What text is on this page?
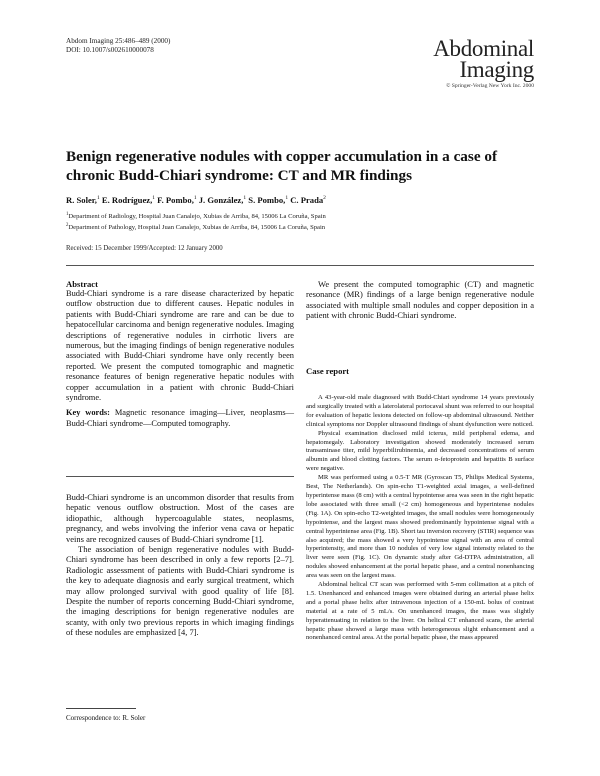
Abdom Imaging 25:486–489 (2000)
DOI: 10.1007/s002610000078	Abdominal
Imaging
© Springer-Verlag New York Inc. 2000
Benign regenerative nodules with copper accumulation in a case of chronic Budd-Chiari syndrome: CT and MR findings
R. Soler,$^1$ E. Rodríguez,$^1$ F. Pombo,$^1$ J. González,$^1$ S. Pombo,$^1$ C. Prada$^2$
$^1$Department of Radiology, Hospital Juan Canalejo, Xubias de Arriba, 84, 15006 La Coruña, Spain
$^2$Department of Pathology, Hospital Juan Canalejo, Xubias de Arriba, 84, 15006 La Coruña, Spain
Received: 15 December 1999/Accepted: 12 January 2000
Abstract
Budd-Chiari syndrome is a rare disease characterized by hepatic outflow obstruction due to different causes. Hepatic nodules in patients with Budd-Chiari syndrome are rare and can be due to hepatocellular carcinoma and benign regenerative nodules. Imaging descriptions of regenerative nodules in cirrhotic livers are numerous, but the imaging findings of benign regenerative nodules associated with Budd-Chiari syndrome have only recently been reported. We present the computed tomographic and magnetic resonance features of benign regenerative hepatic nodules with copper accumulation in a patient with chronic Budd-Chiari syndrome.
Key words: Magnetic resonance imaging—Liver, neoplasms—Budd-Chiari syndrome—Computed tomography.
Budd-Chiari syndrome is an uncommon disorder that results from hepatic venous outflow obstruction. Most of the cases are idiopathic, although hypercoagulable states, neoplasms, pregnancy, and webs involving the inferior vena cava or hepatic veins are recognized causes of Budd-Chiari syndrome [1].
The association of benign regenerative nodules with Budd-Chiari syndrome has been described in only a few reports [2–7]. Radiologic assessment of patients with Budd-Chiari syndrome is the key to adequate diagnosis and early surgical treatment, which may allow prolonged survival with good quality of life [8]. Despite the number of reports concerning Budd-Chiari syndrome, the imaging descriptions for benign regenerative nodules are scanty, with only two previous reports in which imaging findings of these nodules are emphasized [4, 7].
Correspondence to: R. Soler
We present the computed tomographic (CT) and magnetic resonance (MR) findings of a large benign regenerative nodule associated with multiple small nodules and copper deposition in a patient with chronic Budd-Chiari syndrome.
Case report
A 43-year-old male diagnosed with Budd-Chiari syndrome 14 years previously and surgically treated with a laterolateral portocaval shunt was referred to our hospital for evaluation of hepatic lesions detected on follow-up abdominal ultrasound. Neither clinical symptoms nor Doppler ultrasound findings of shunt dysfunction were noticed.
Physical examination disclosed mild icterus, mild peripheral edema, and hepatomegaly. Laboratory investigation showed moderately increased serum transaminase titer, mild hyperbilirubinemia, and decreased concentrations of serum albumin and blood clotting factors. The serum α-fetoprotein and hepatitis B surface were negative.
MR was performed using a 0.5-T MR (Gyroscan T5, Philips Medical Systems, Best, The Netherlands). On spin-echo T1-weighted axial images, a well-defined hyperintense mass (8 cm) with a central hypointense area was seen in the right hepatic lobe associated with three small (<2 cm) homogeneous and hyperintense nodules (Fig. 1A). On spin-echo T2-weighted images, the small nodules were homogeneously hypointense, and the largest mass showed predominantly hypointense signal with a central hyperintense area (Fig. 1B). Short tau inversion recovery (STIR) sequence was also acquired; the mass showed a very hypointense signal with an area of central hyperintensity, and more than 10 nodules of very low signal intensity related to the liver were seen (Fig. 1C). On dynamic study after Gd-DTPA administration, all nodules showed enhancement at the portal hepatic phase, and a central nonenhancing area was seen on the largest mass.
Abdominal helical CT scan was performed with 5-mm collimation at a pitch of 1.5. Unenhanced and enhanced images were obtained during an arterial phase helix and a portal phase helix after intravenous injection of a 150-mL bolus of contrast material at a rate of 5 mL/s. On unenhanced images, the mass was slightly hyperattenuating in relation to the liver. On helical CT enhanced scans, the arterial hepatic phase showed a large mass with heterogeneous slight enhancement and a nonenhanced central area. At the portal hepatic phase, the mass appeared
